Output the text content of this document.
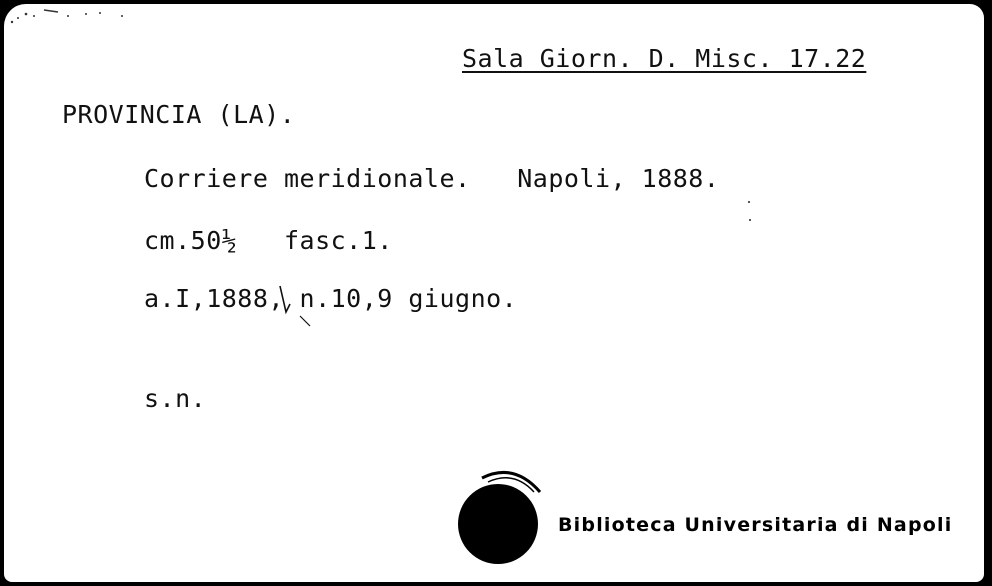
Sala Giorn. D. Misc. 17.22
PROVINCIA (LA).
Corriere meridionale.   Napoli, 1888.
cm.50½   fasc.1.
a.I,1888, n.10,9 giugno.
s.n.
Biblioteca Universitaria di Napoli
